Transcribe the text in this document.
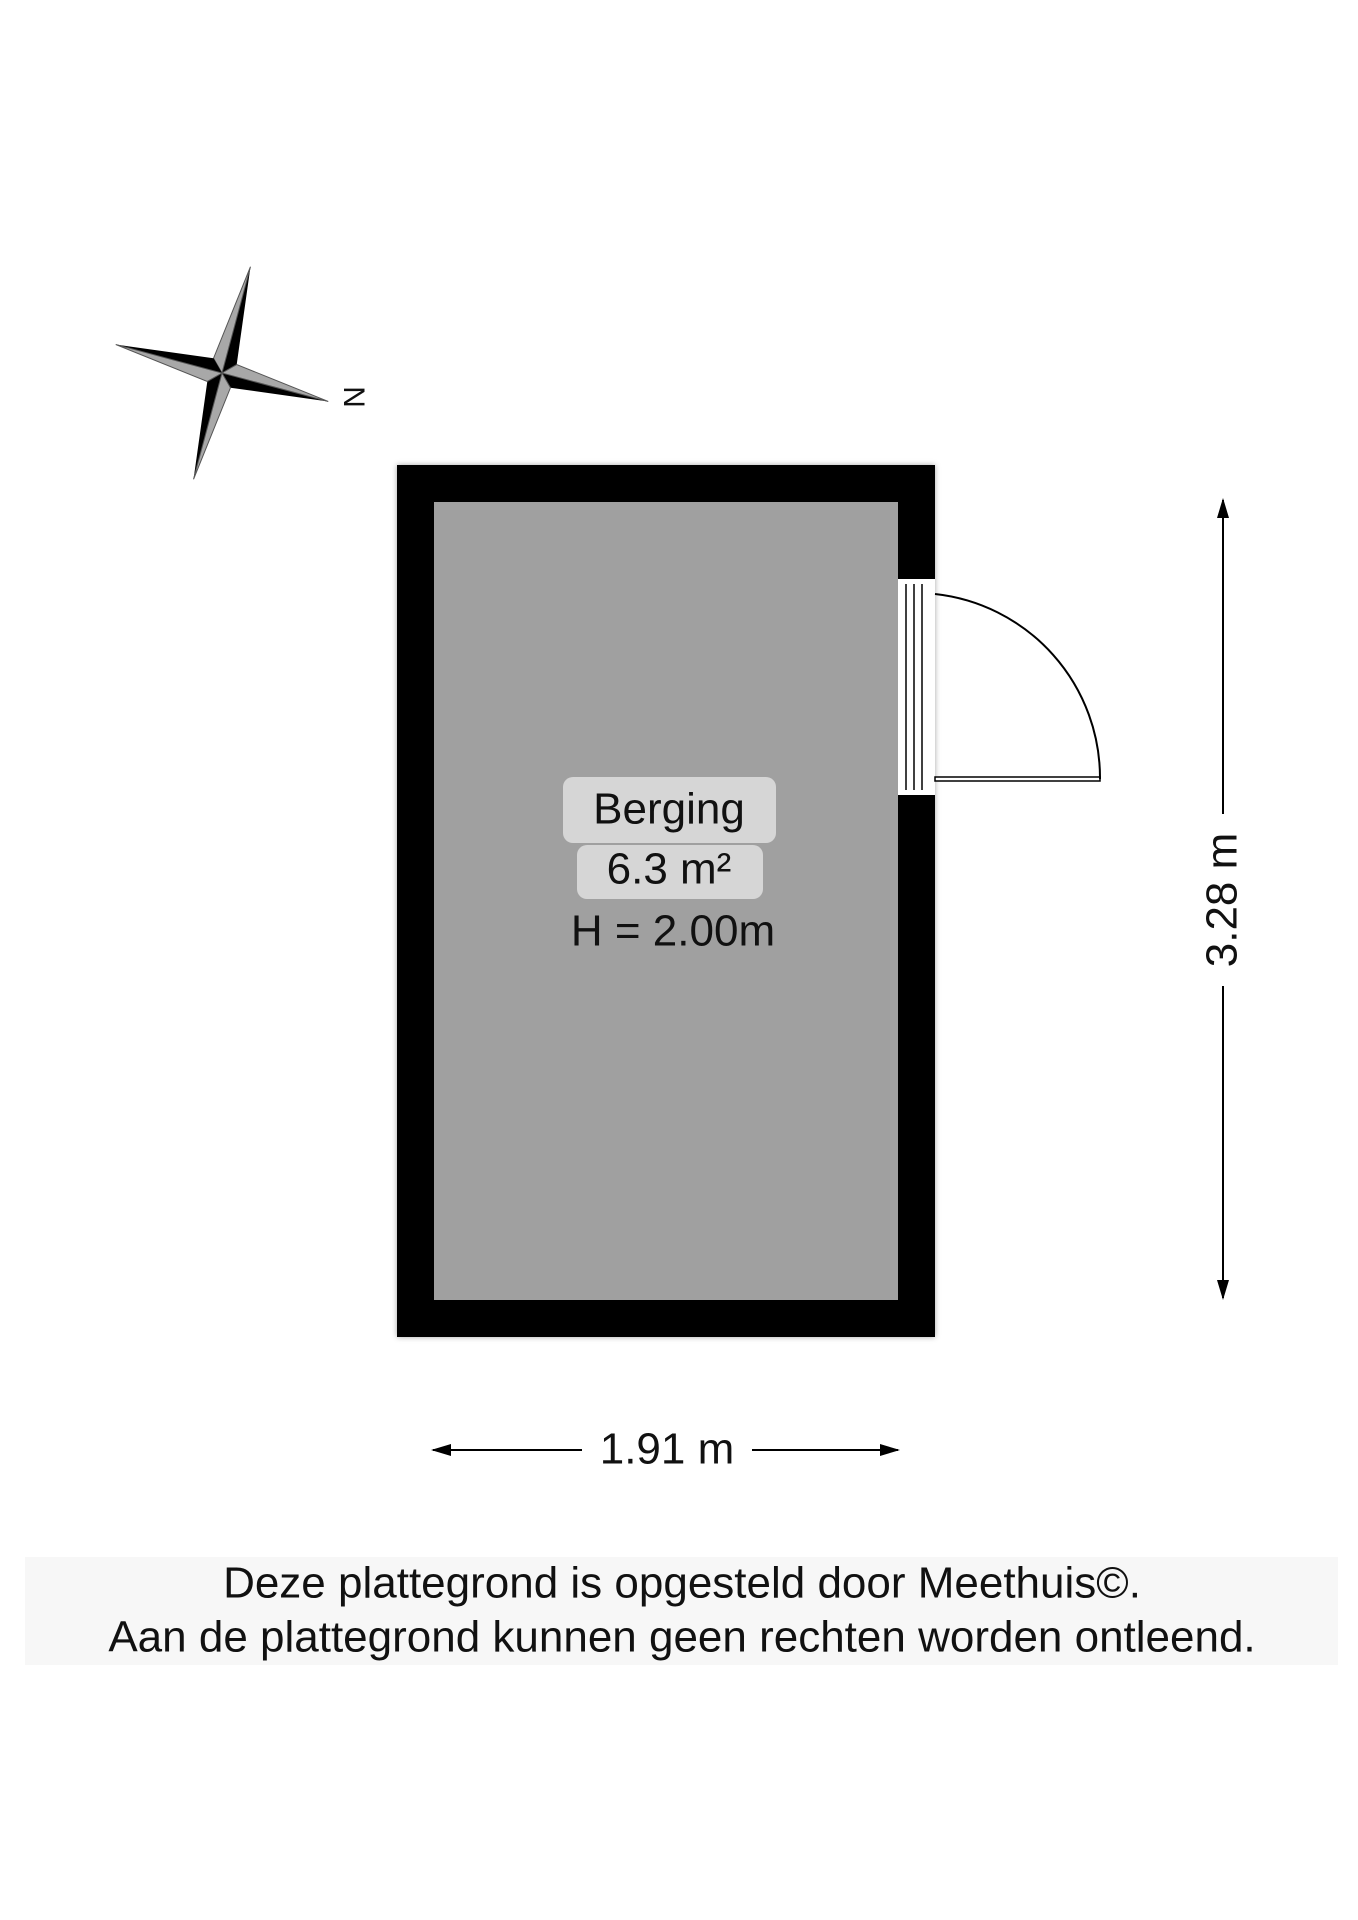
N
Berging
6.3 m²
H = 2.00m
1.91 m
3.28 m
Deze plattegrond is opgesteld door Meethuis©.
Aan de plattegrond kunnen geen rechten worden ontleend.
